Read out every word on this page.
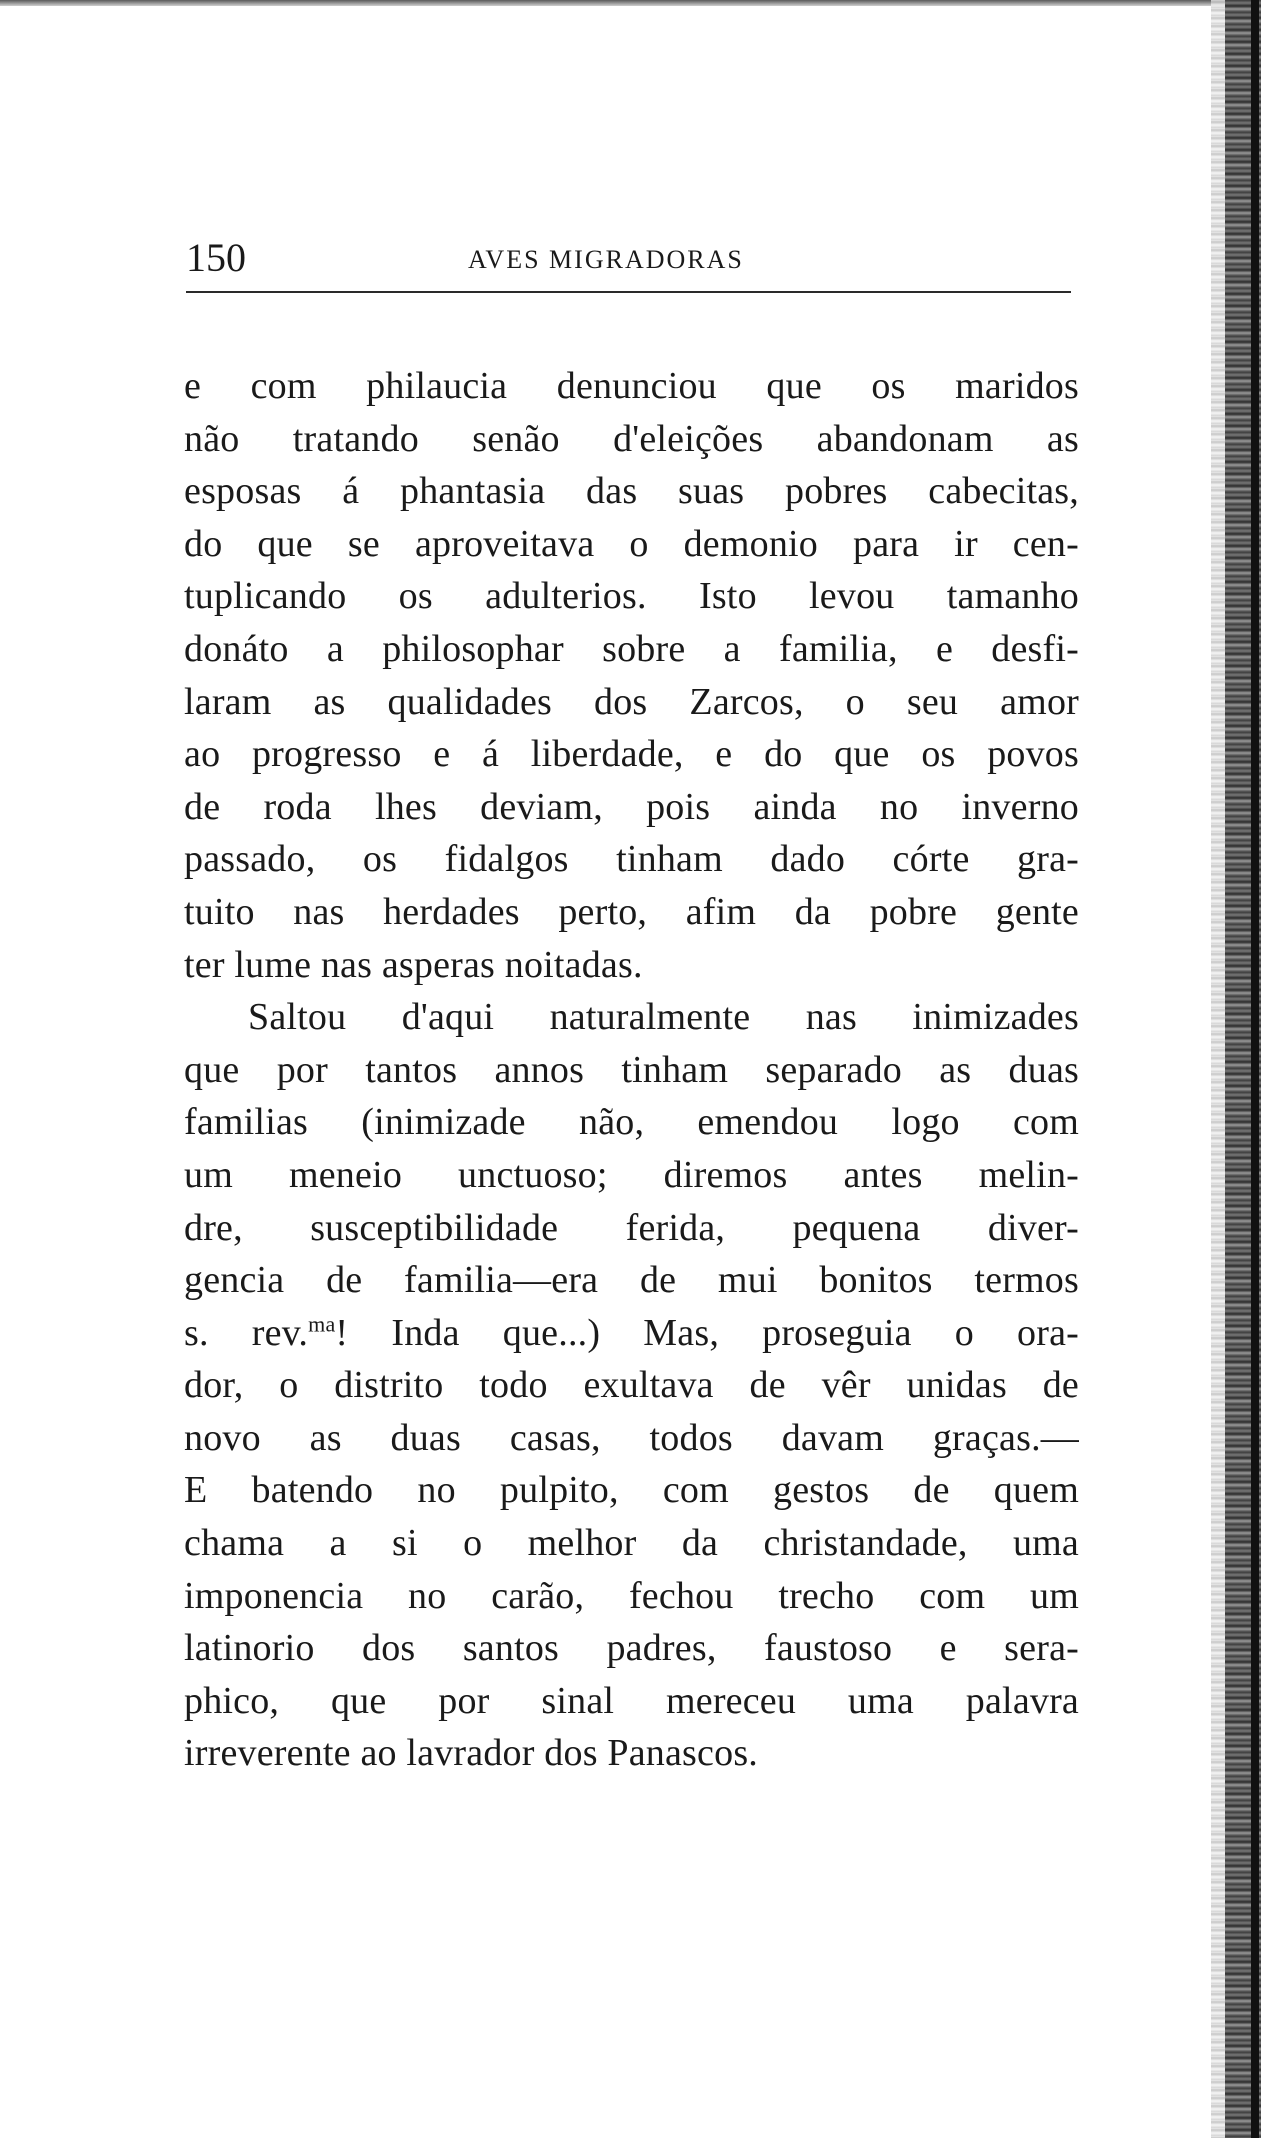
150	AVES MIGRADORAS
e com philaucia denunciou que os maridos
não tratando senão d'eleições abandonam as
esposas á phantasia das suas pobres cabecitas,
do que se aproveitava o demonio para ir cen-
tuplicando os adulterios. Isto levou tamanho
donáto a philosophar sobre a familia, e desfi-
laram as qualidades dos Zarcos, o seu amor
ao progresso e á liberdade, e do que os povos
de roda lhes deviam, pois ainda no inverno
passado, os fidalgos tinham dado córte gra-
tuito nas herdades perto, afim da pobre gente
ter lume nas asperas noitadas.
Saltou d'aqui naturalmente nas inimizades
que por tantos annos tinham separado as duas
familias (inimizade não, emendou logo com
um meneio unctuoso; diremos antes melin-
dre, susceptibilidade ferida, pequena diver-
gencia de familia—era de mui bonitos termos
s. rev.$^{ma}$! Inda que...) Mas, proseguia o ora-
dor, o distrito todo exultava de vêr unidas de
novo as duas casas, todos davam graças.—
E batendo no pulpito, com gestos de quem
chama a si o melhor da christandade, uma
imponencia no carão, fechou trecho com um
latinorio dos santos padres, faustoso e sera-
phico, que por sinal mereceu uma palavra
irreverente ao lavrador dos Panascos.
